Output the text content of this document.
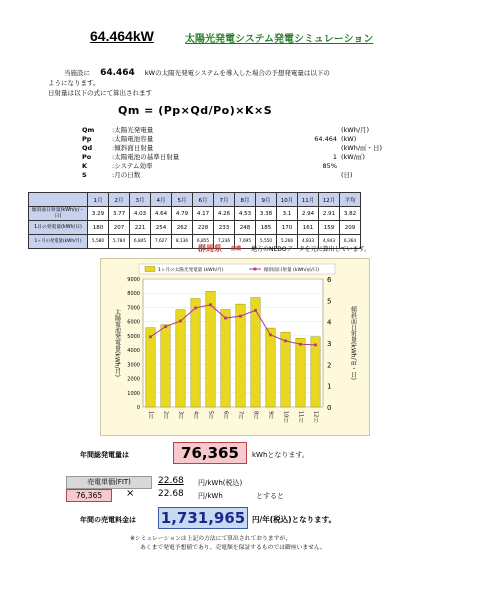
64.464kW	太陽光発電システム発電シミュレーション
当施設に 64.464 kWの太陽光発電システムを導入した場合の予想発電量は以下の
ようになります。
日射量は以下の式にて算出されます
Qm = (Pp×Qd/Po)×K×S
Qm	:太陽光発電量	(kWh/月)
Pp	:太陽電池容量	64.464 (kW)
Qd	:傾斜面日射量	(kWh/㎡・日)
Po	:太陽電池の基準日射量	1 (kW/㎡)
K	:システム効率	85%
S	:月の日数	(日)
	1月	2月	3月	4月	5月	6月	7月	8月	9月	10月	11月	12月	平均
傾斜面日射量(kWh/㎡・日)	3.29	3.77	4.03	4.64	4.79	4.17	4.26	4.53	3.38	3.1	2.94	2.91	3.82
1日の発電量(kWh/日)	180	207	221	254	262	228	233	248	185	170	161	159	209
1ヶ月の発電量(kWh/月)	5,580	5,784	6,845	7,627	8,136	6,855	7,236	7,695	5,550	5,266	4,833	4,943	6,364
群馬県 前橋 地方のNEDOデータを元に算出しています。
0
1000
2000
3000
4000
5000
6000
7000
8000
9000
0
1
2
3
4
5
6
太陽電池発電量(kWh/月)	傾斜面日射量(kWh/㎡・日)
1月 2月 3月 4月 5月 6月 7月 8月 9月 10月 11月 12月
1ヶ月の太陽光発電量 (kWh/月)	傾斜面日射量 (kWh/㎡/日)
年間総発電量は	76,365	kWhとなります。
売電単価(FIT)	22.68 円/kWh(税込)
76,365	×	22.68 円/kWh	とすると
年間の売電料金は 1,731,965 円/年(税込)となります。
※シミュレーションは上記の方法にて算出されておりますが、
あくまで発電予想値であり、売電額を保証するものでは御座いません。
